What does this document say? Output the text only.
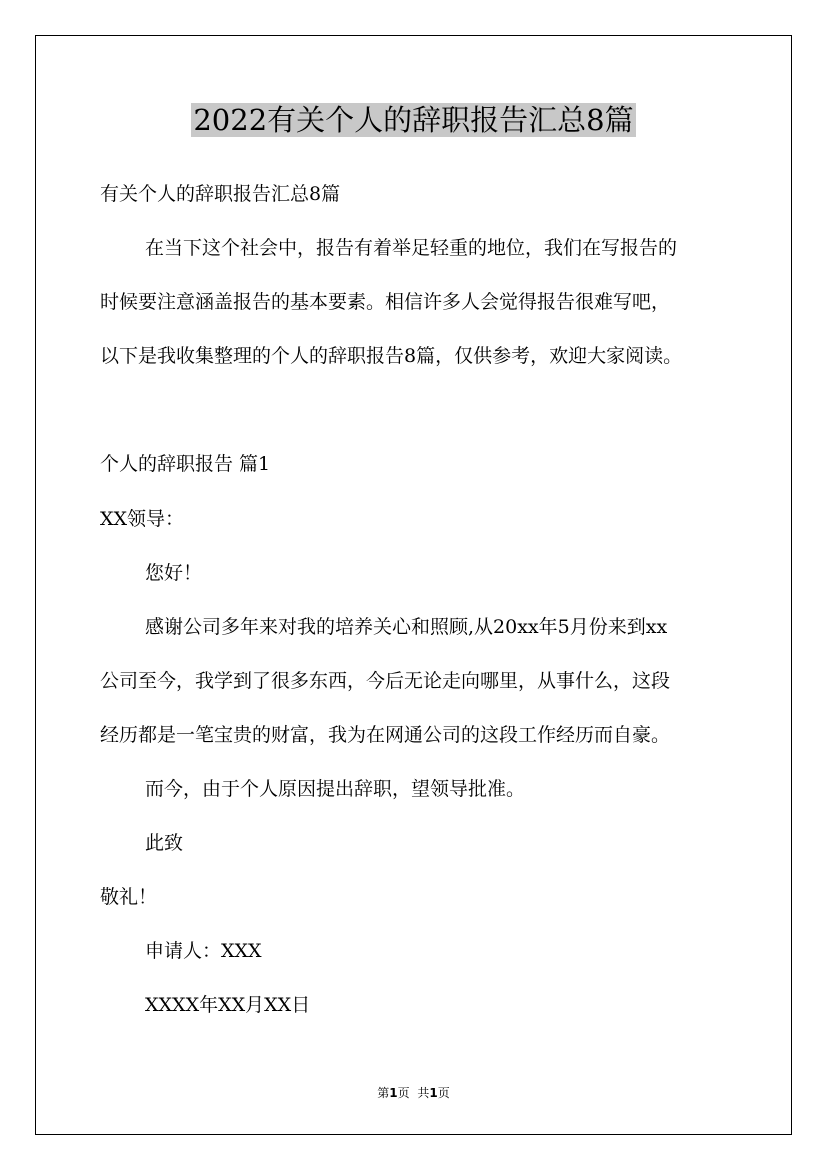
2022有关个人的辞职报告汇总8篇
有关个人的辞职报告汇总8篇
在当下这个社会中，报告有着举足轻重的地位，我们在写报告的
时候要注意涵盖报告的基本要素。相信许多人会觉得报告很难写吧，
以下是我收集整理的个人的辞职报告8篇，仅供参考，欢迎大家阅读。
个人的辞职报告 篇1
XX领导：
您好！
感谢公司多年来对我的培养关心和照顾,从20xx年5月份来到xx
公司至今，我学到了很多东西，今后无论走向哪里，从事什么，这段
经历都是一笔宝贵的财富，我为在网通公司的这段工作经历而自豪。
而今，由于个人原因提出辞职，望领导批准。
此致
敬礼！
申请人：XXX
XXXX年XX月XX日
第1页 共1页
